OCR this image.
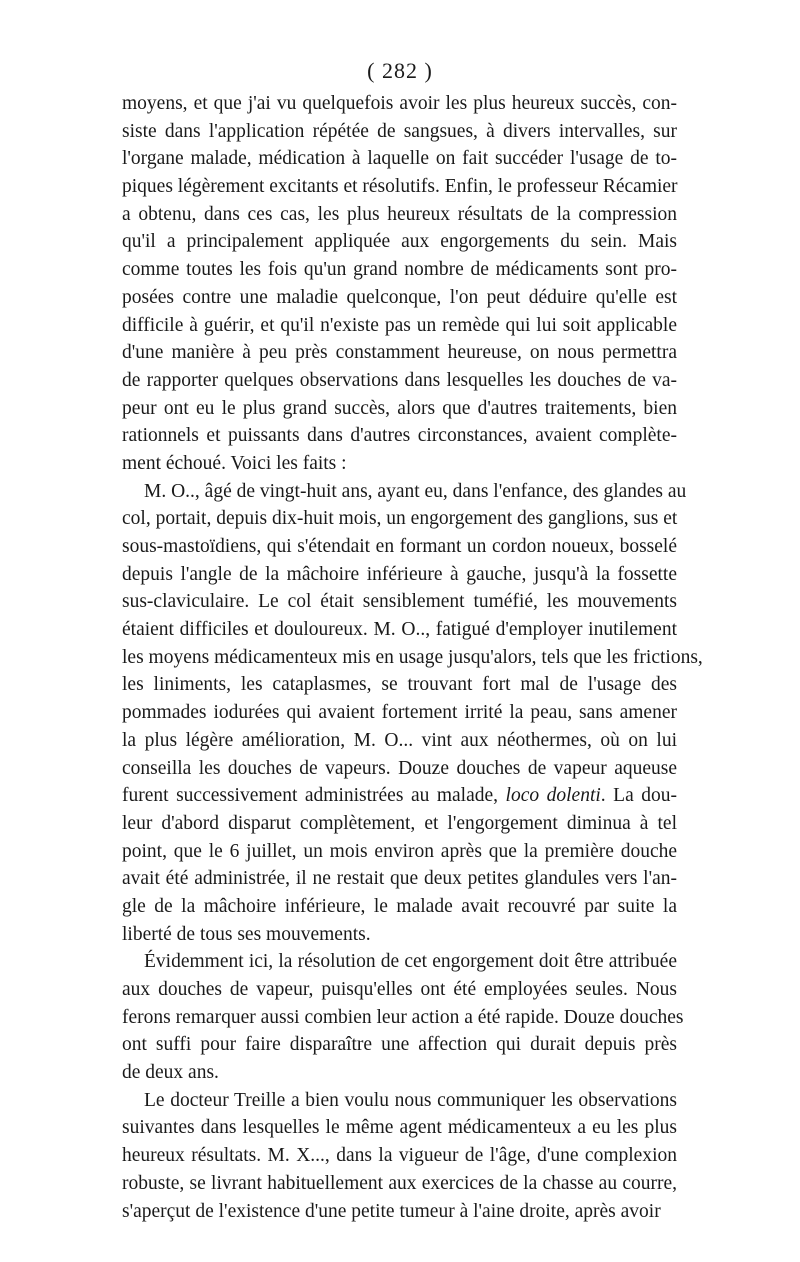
( 282 )
moyens, et que j'ai vu quelquefois avoir les plus heureux succès, con-
siste dans l'application répétée de sangsues, à divers intervalles, sur
l'organe malade, médication à laquelle on fait succéder l'usage de to-
piques légèrement excitants et résolutifs. Enfin, le professeur Récamier
a obtenu, dans ces cas, les plus heureux résultats de la compression
qu'il a principalement appliquée aux engorgements du sein. Mais
comme toutes les fois qu'un grand nombre de médicaments sont pro-
posées contre une maladie quelconque, l'on peut déduire qu'elle est
difficile à guérir, et qu'il n'existe pas un remède qui lui soit applicable
d'une manière à peu près constamment heureuse, on nous permettra
de rapporter quelques observations dans lesquelles les douches de va-
peur ont eu le plus grand succès, alors que d'autres traitements, bien
rationnels et puissants dans d'autres circonstances, avaient complète-
ment échoué. Voici les faits :
M. O.., âgé de vingt-huit ans, ayant eu, dans l'enfance, des glandes au
col, portait, depuis dix-huit mois, un engorgement des ganglions, sus et
sous-mastoïdiens, qui s'étendait en formant un cordon noueux, bosselé
depuis l'angle de la mâchoire inférieure à gauche, jusqu'à la fossette
sus-claviculaire. Le col était sensiblement tuméfié, les mouvements
étaient difficiles et douloureux. M. O.., fatigué d'employer inutilement
les moyens médicamenteux mis en usage jusqu'alors, tels que les frictions,
les liniments, les cataplasmes, se trouvant fort mal de l'usage des
pommades iodurées qui avaient fortement irrité la peau, sans amener
la plus légère amélioration, M. O... vint aux néothermes, où on lui
conseilla les douches de vapeurs. Douze douches de vapeur aqueuse
furent successivement administrées au malade, loco dolenti. La dou-
leur d'abord disparut complètement, et l'engorgement diminua à tel
point, que le 6 juillet, un mois environ après que la première douche
avait été administrée, il ne restait que deux petites glandules vers l'an-
gle de la mâchoire inférieure, le malade avait recouvré par suite la
liberté de tous ses mouvements.
Évidemment ici, la résolution de cet engorgement doit être attribuée
aux douches de vapeur, puisqu'elles ont été employées seules. Nous
ferons remarquer aussi combien leur action a été rapide. Douze douches
ont suffi pour faire disparaître une affection qui durait depuis près
de deux ans.
Le docteur Treille a bien voulu nous communiquer les observations
suivantes dans lesquelles le même agent médicamenteux a eu les plus
heureux résultats. M. X..., dans la vigueur de l'âge, d'une complexion
robuste, se livrant habituellement aux exercices de la chasse au courre,
s'aperçut de l'existence d'une petite tumeur à l'aine droite, après avoir
